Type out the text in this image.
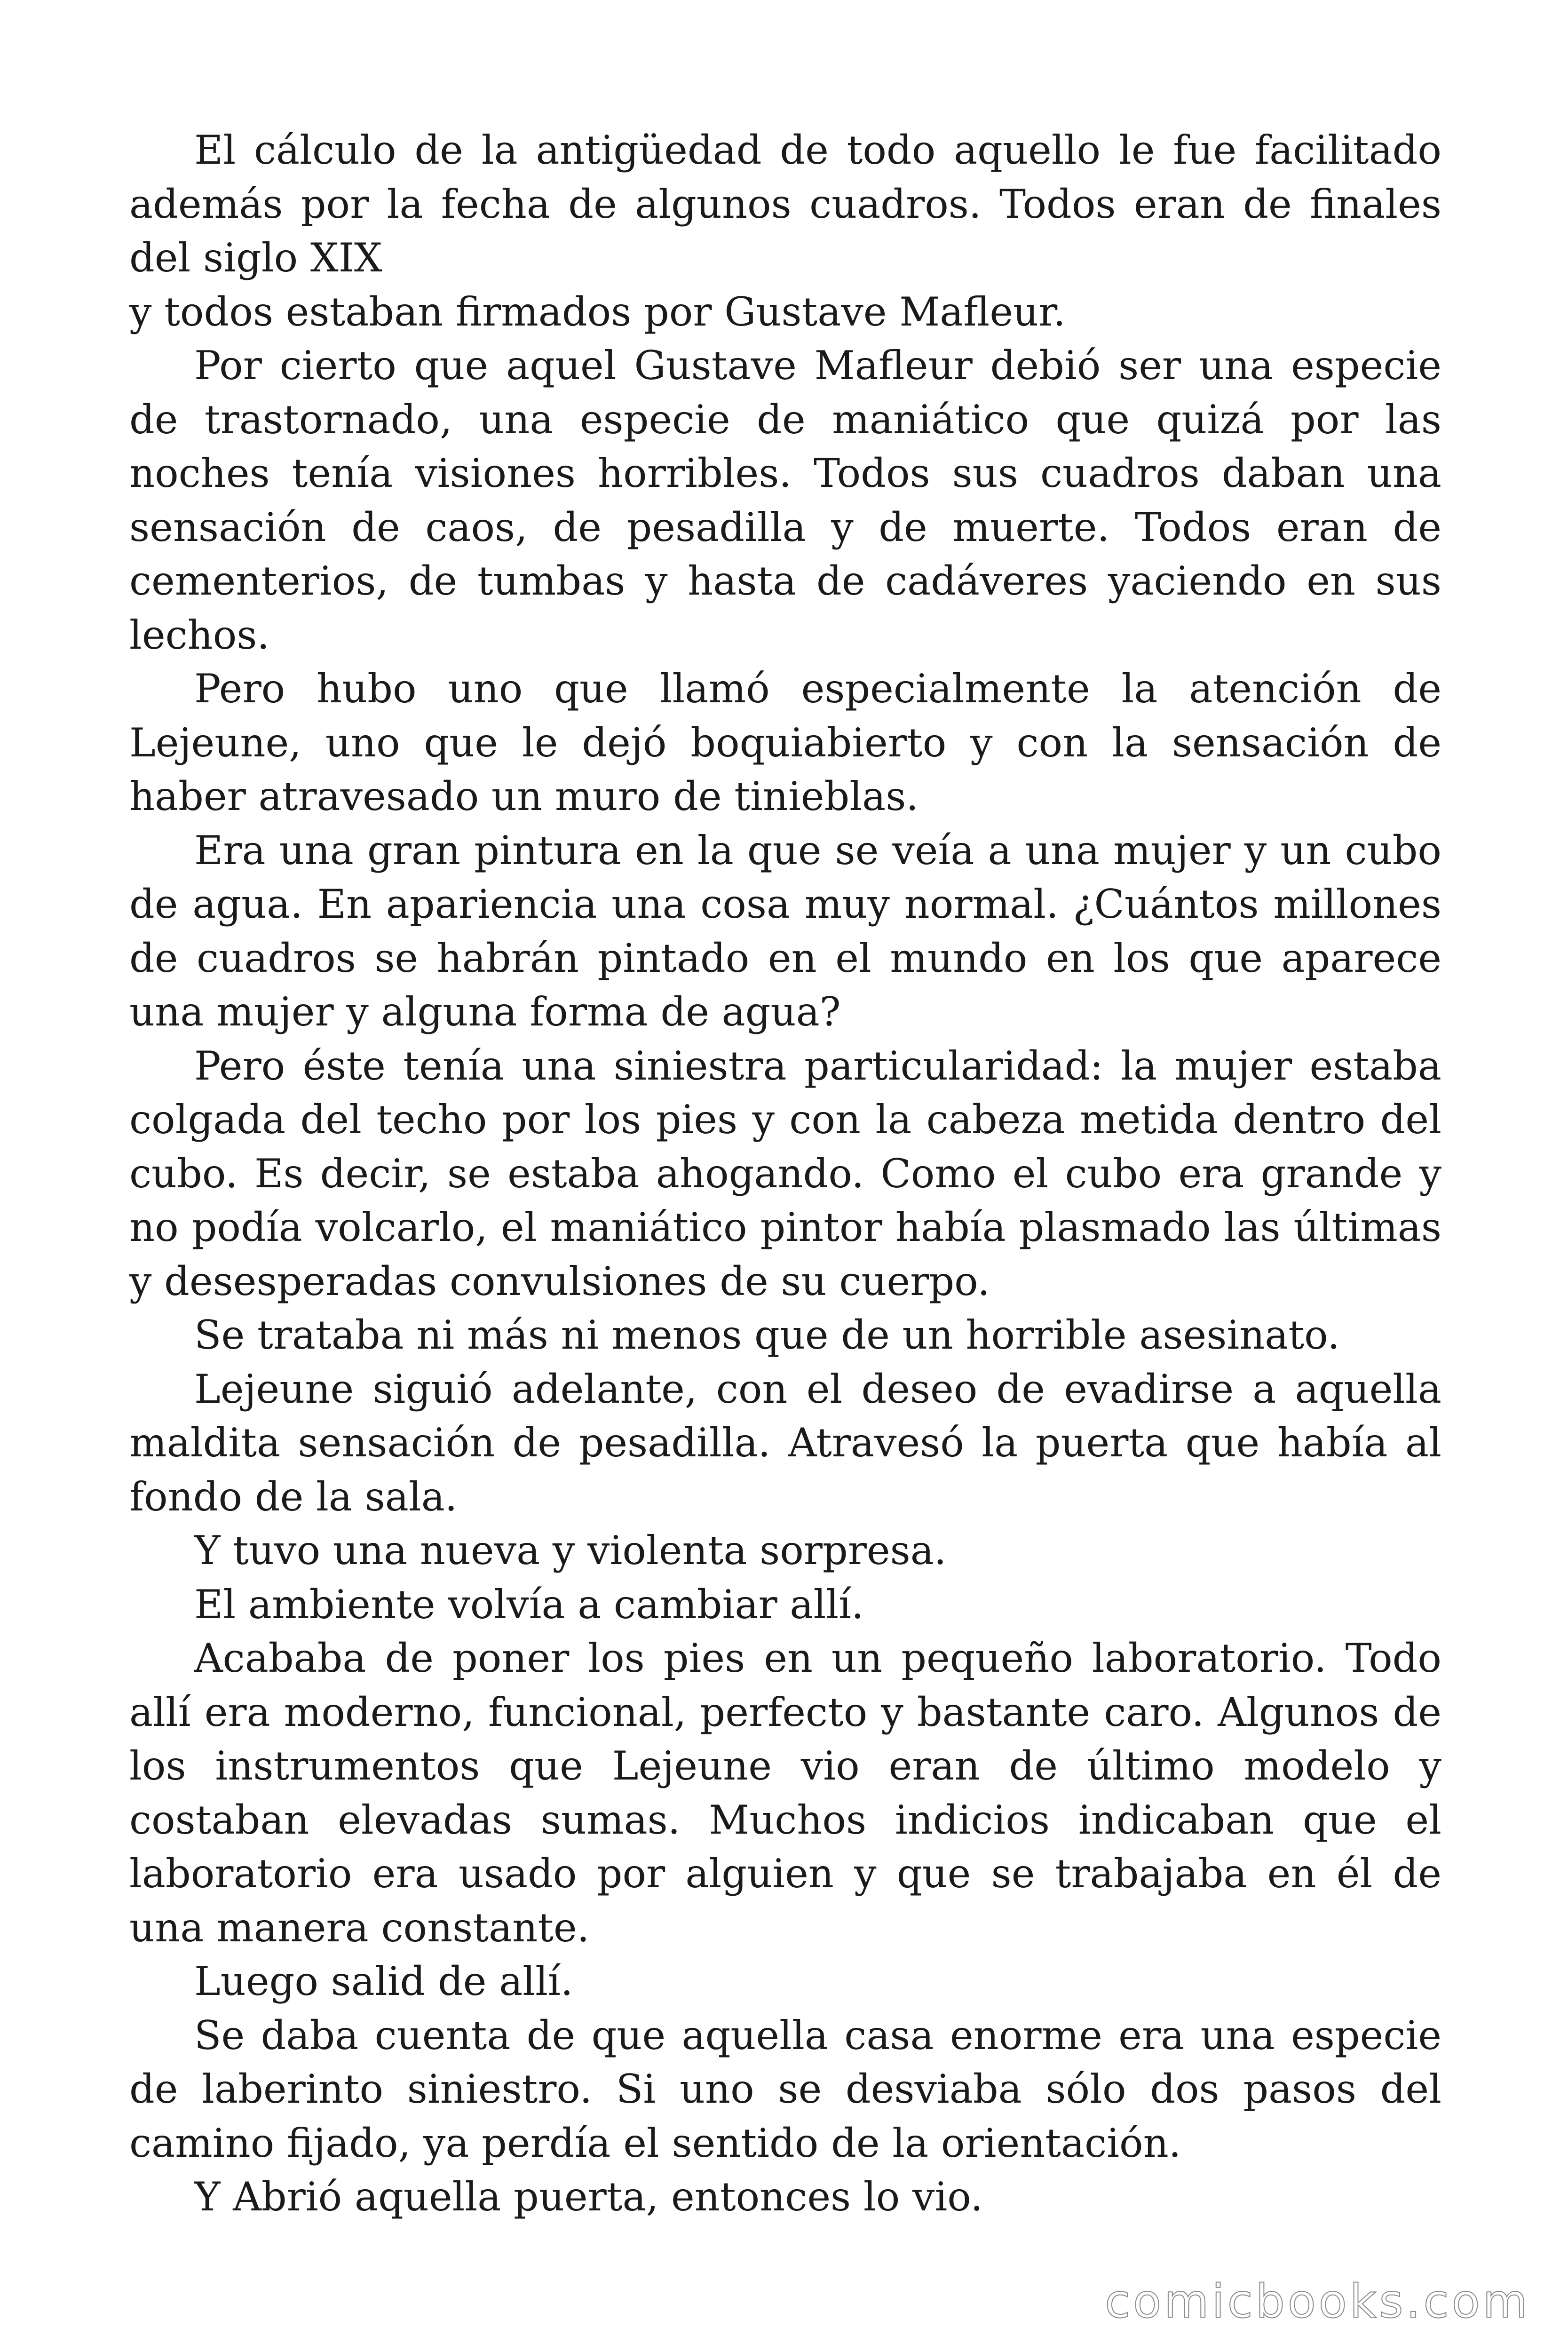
El cálculo de la antigüedad de todo aquello le fue facilitado además por la fecha de algunos cuadros. Todos eran de finales del siglo XIX

y todos estaban firmados por Gustave Mafleur.

Por cierto que aquel Gustave Mafleur debió ser una especie de trastornado, una especie de maniático que quizá por las noches tenía visiones horribles. Todos sus cuadros daban una sensación de caos, de pesadilla y de muerte. Todos eran de cementerios, de tumbas y hasta de cadáveres yaciendo en sus lechos.

Pero hubo uno que llamó especialmente la atención de Lejeune, uno que le dejó boquiabierto y con la sensación de haber atravesado un muro de tinieblas.

Era una gran pintura en la que se veía a una mujer y un cubo de agua. En apariencia una cosa muy normal. ¿Cuántos millones de cuadros se habrán pintado en el mundo en los que aparece una mujer y alguna forma de agua?

Pero éste tenía una siniestra particularidad: la mujer estaba colgada del techo por los pies y con la cabeza metida dentro del cubo. Es decir, se estaba ahogando. Como el cubo era grande y no podía volcarlo, el maniático pintor había plasmado las últimas y desesperadas convulsiones de su cuerpo.

Se trataba ni más ni menos que de un horrible asesinato.

Lejeune siguió adelante, con el deseo de evadirse a aquella maldita sensación de pesadilla. Atravesó la puerta que había al fondo de la sala.

Y tuvo una nueva y violenta sorpresa.

El ambiente volvía a cambiar allí.

Acababa de poner los pies en un pequeño laboratorio. Todo allí era moderno, funcional, perfecto y bastante caro. Algunos de los instrumentos que Lejeune vio eran de último modelo y costaban elevadas sumas. Muchos indicios indicaban que el laboratorio era usado por alguien y que se trabajaba en él de una manera constante.

Luego salid de allí.

Se daba cuenta de que aquella casa enorme era una especie de laberinto siniestro. Si uno se desviaba sólo dos pasos del camino fijado, ya perdía el sentido de la orientación.

Y Abrió aquella puerta, entonces lo vio.

comicbooks.com
